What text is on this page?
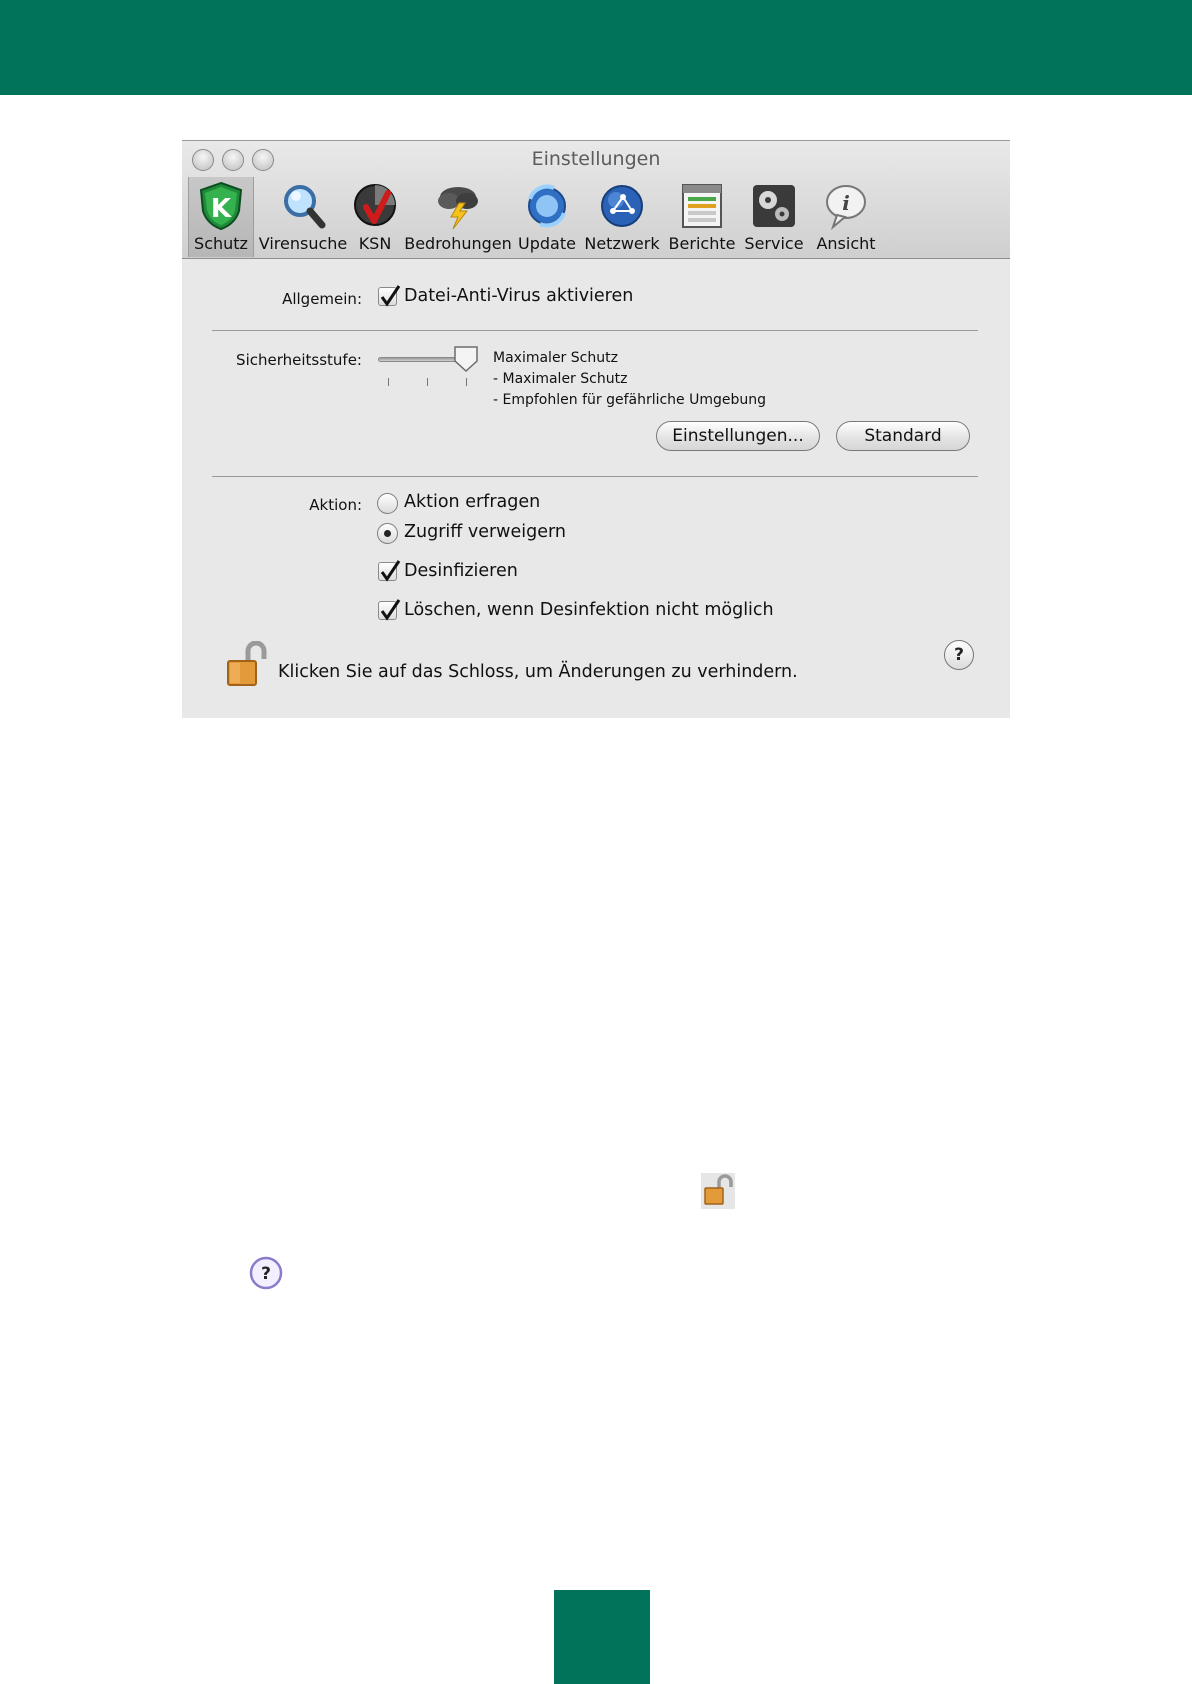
Einstellungen
K
Schutz Virensuche KSN Bedrohungen Update Netzwerk Berichte Service
i
Ansicht
Allgemein: Datei-Anti-Virus aktivieren
Sicherheitsstufe:	Maximaler Schutz
- Maximaler Schutz
- Empfohlen für gefährliche Umgebung
Einstellungen...	Standard
Aktion: Aktion erfragen
Zugriff verweigern
Desinfizieren
Löschen, wenn Desinfektion nicht möglich
Klicken Sie auf das Schloss, um Änderungen zu verhindern.
?
?
